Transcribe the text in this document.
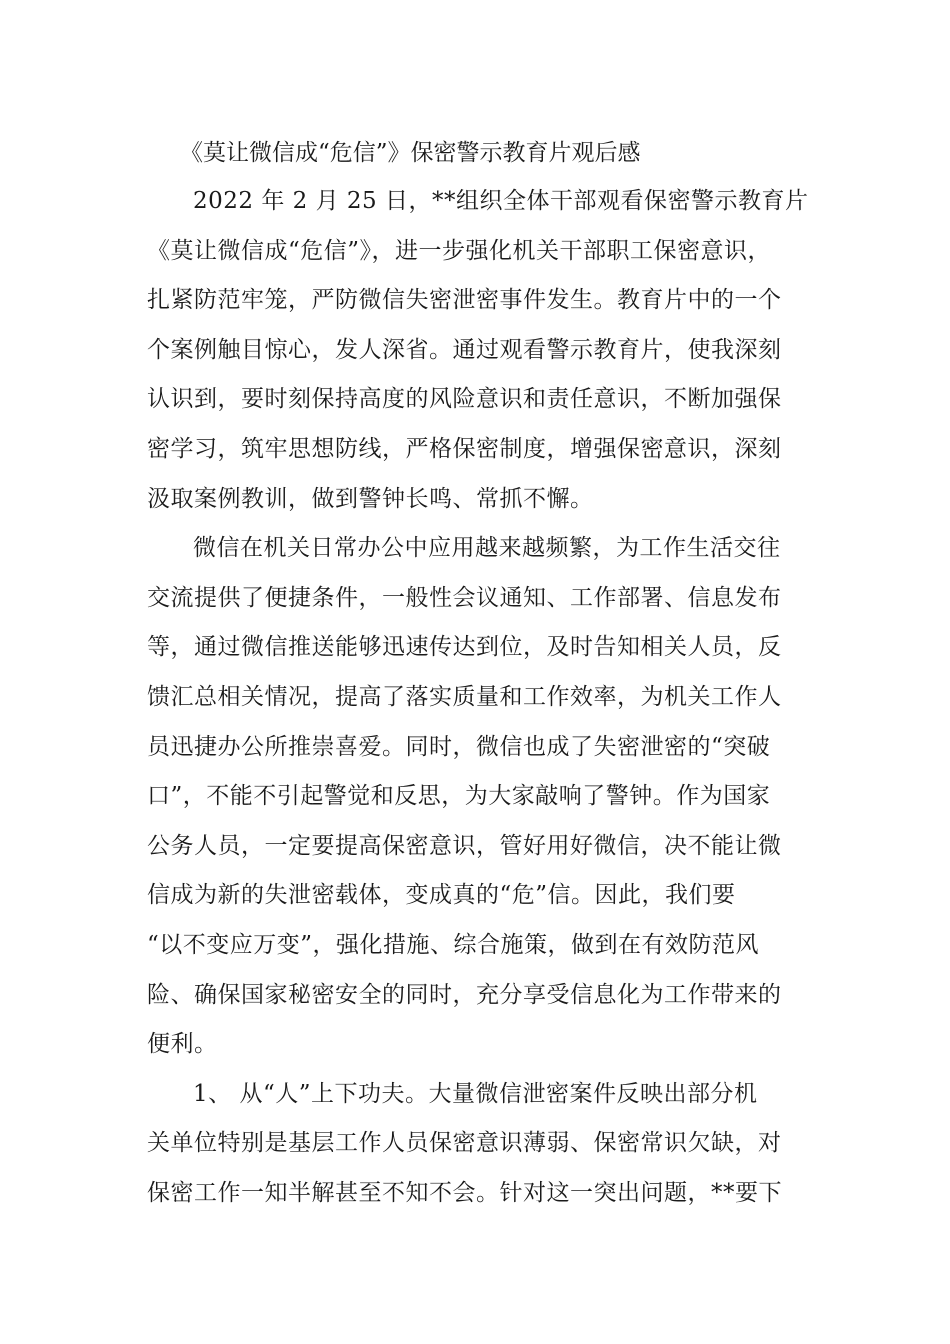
《莫让微信成“危信”》保密警示教育片观后感
2022 年 2 月 25 日，**组织全体干部观看保密警示教育片
《莫让微信成“危信”》，进一步强化机关干部职工保密意识，
扎紧防范牢笼，严防微信失密泄密事件发生。教育片中的一个
个案例触目惊心，发人深省。通过观看警示教育片，使我深刻
认识到，要时刻保持高度的风险意识和责任意识，不断加强保
密学习，筑牢思想防线，严格保密制度，增强保密意识，深刻
汲取案例教训，做到警钟长鸣、常抓不懈。
微信在机关日常办公中应用越来越频繁，为工作生活交往
交流提供了便捷条件，一般性会议通知、工作部署、信息发布
等，通过微信推送能够迅速传达到位，及时告知相关人员，反
馈汇总相关情况，提高了落实质量和工作效率，为机关工作人
员迅捷办公所推崇喜爱。同时，微信也成了失密泄密的“突破
口”，不能不引起警觉和反思，为大家敲响了警钟。作为国家
公务人员，一定要提高保密意识，管好用好微信，决不能让微
信成为新的失泄密载体，变成真的“危”信。因此，我们要
“以不变应万变”，强化措施、综合施策，做到在有效防范风
险、确保国家秘密安全的同时，充分享受信息化为工作带来的
便利。
1、 从“人”上下功夫。大量微信泄密案件反映出部分机
关单位特别是基层工作人员保密意识薄弱、保密常识欠缺，对
保密工作一知半解甚至不知不会。针对这一突出问题，**要下
